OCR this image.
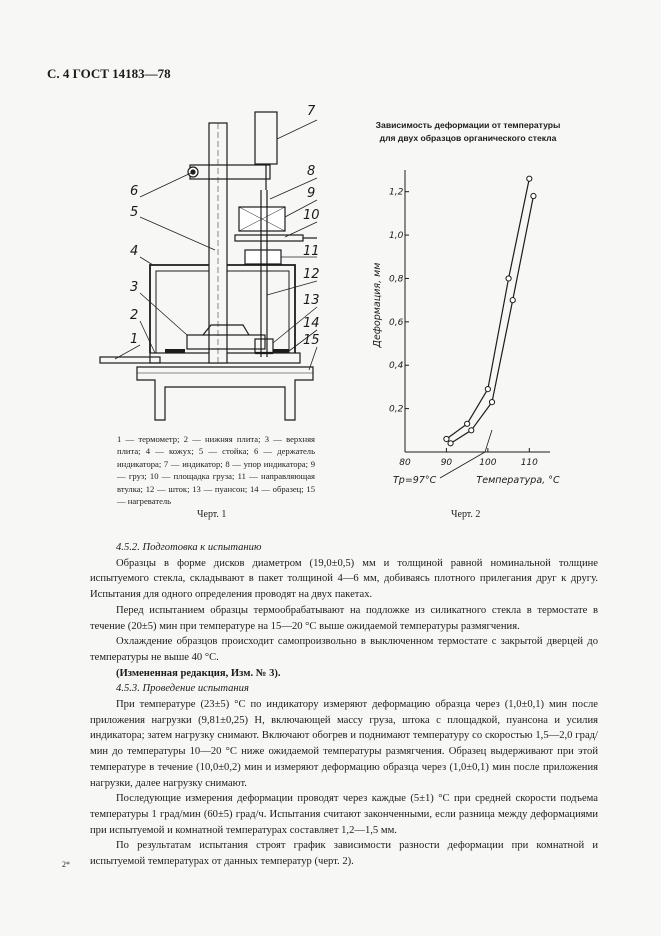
С. 4 ГОСТ 14183—78
6
5
4
3
2
1
7
8
9
10
11
12
13
14
15
1 — термометр; 2 — нижняя плита; 3 — верхняя плита; 4 — кожух; 5 — стойка; 6 — держатель индикатора; 7 — индикатор; 8 — упор индикатора; 9 — груз; 10 — площадка груза; 11 — направляющая втулка; 12 — шток; 13 — пуансон; 14 — образец; 15 — нагреватель
Черт. 1
Зависимость деформации от температуры
для двух образцов органического стекла
0,2
0,4
0,6
0,8
1,0
1,2
80	90	100	110
Деформация, мм
Температура, °С
Tp=97°C
Черт. 2

4.5.2. Подготовка к испытанию

Образцы в форме дисков диаметром (19,0±0,5) мм и толщиной равной номинальной толщине испытуемого стекла, складывают в пакет толщиной 4—6 мм, добиваясь плотного прилегания друг к другу. Испытания для одного определения проводят на двух пакетах.

Перед испытанием образцы термообрабатывают на подложке из силикатного стекла в термостате в течение (20±5) мин при температуре на 15—20 °С выше ожидаемой температуры размягчения.

Охлаждение образцов происходит самопроизвольно в выключенном термостате с закрытой дверцей до температуры не выше 40 °С.

(Измененная редакция, Изм. № 3).

4.5.3. Проведение испытания

При температуре (23±5) °С по индикатору измеряют деформацию образца через (1,0±0,1) мин после приложения нагрузки (9,81±0,25) Н, включающей массу груза, штока с площадкой, пуансона и усилия индикатора; затем нагрузку снимают. Включают обогрев и поднимают температуру со скоростью 1,5—2,0 град/мин до температуры 10—20 °С ниже ожидаемой температуры размягчения. Образец выдерживают при этой температуре в течение (10,0±0,2) мин и измеряют деформацию образца через (1,0±0,1) мин после приложения нагрузки, далее нагрузку снимают.

Последующие измерения деформации проводят через каждые (5±1) °С при средней скорости подъема температуры 1 град/мин (60±5) град/ч. Испытания считают законченными, если разница между деформациями при испытуемой и комнатной температурах составляет 1,2—1,5 мм.

По результатам испытания строят график зависимости разности деформации при комнатной и испытуемой температурах от данных температур (черт. 2).

2*
